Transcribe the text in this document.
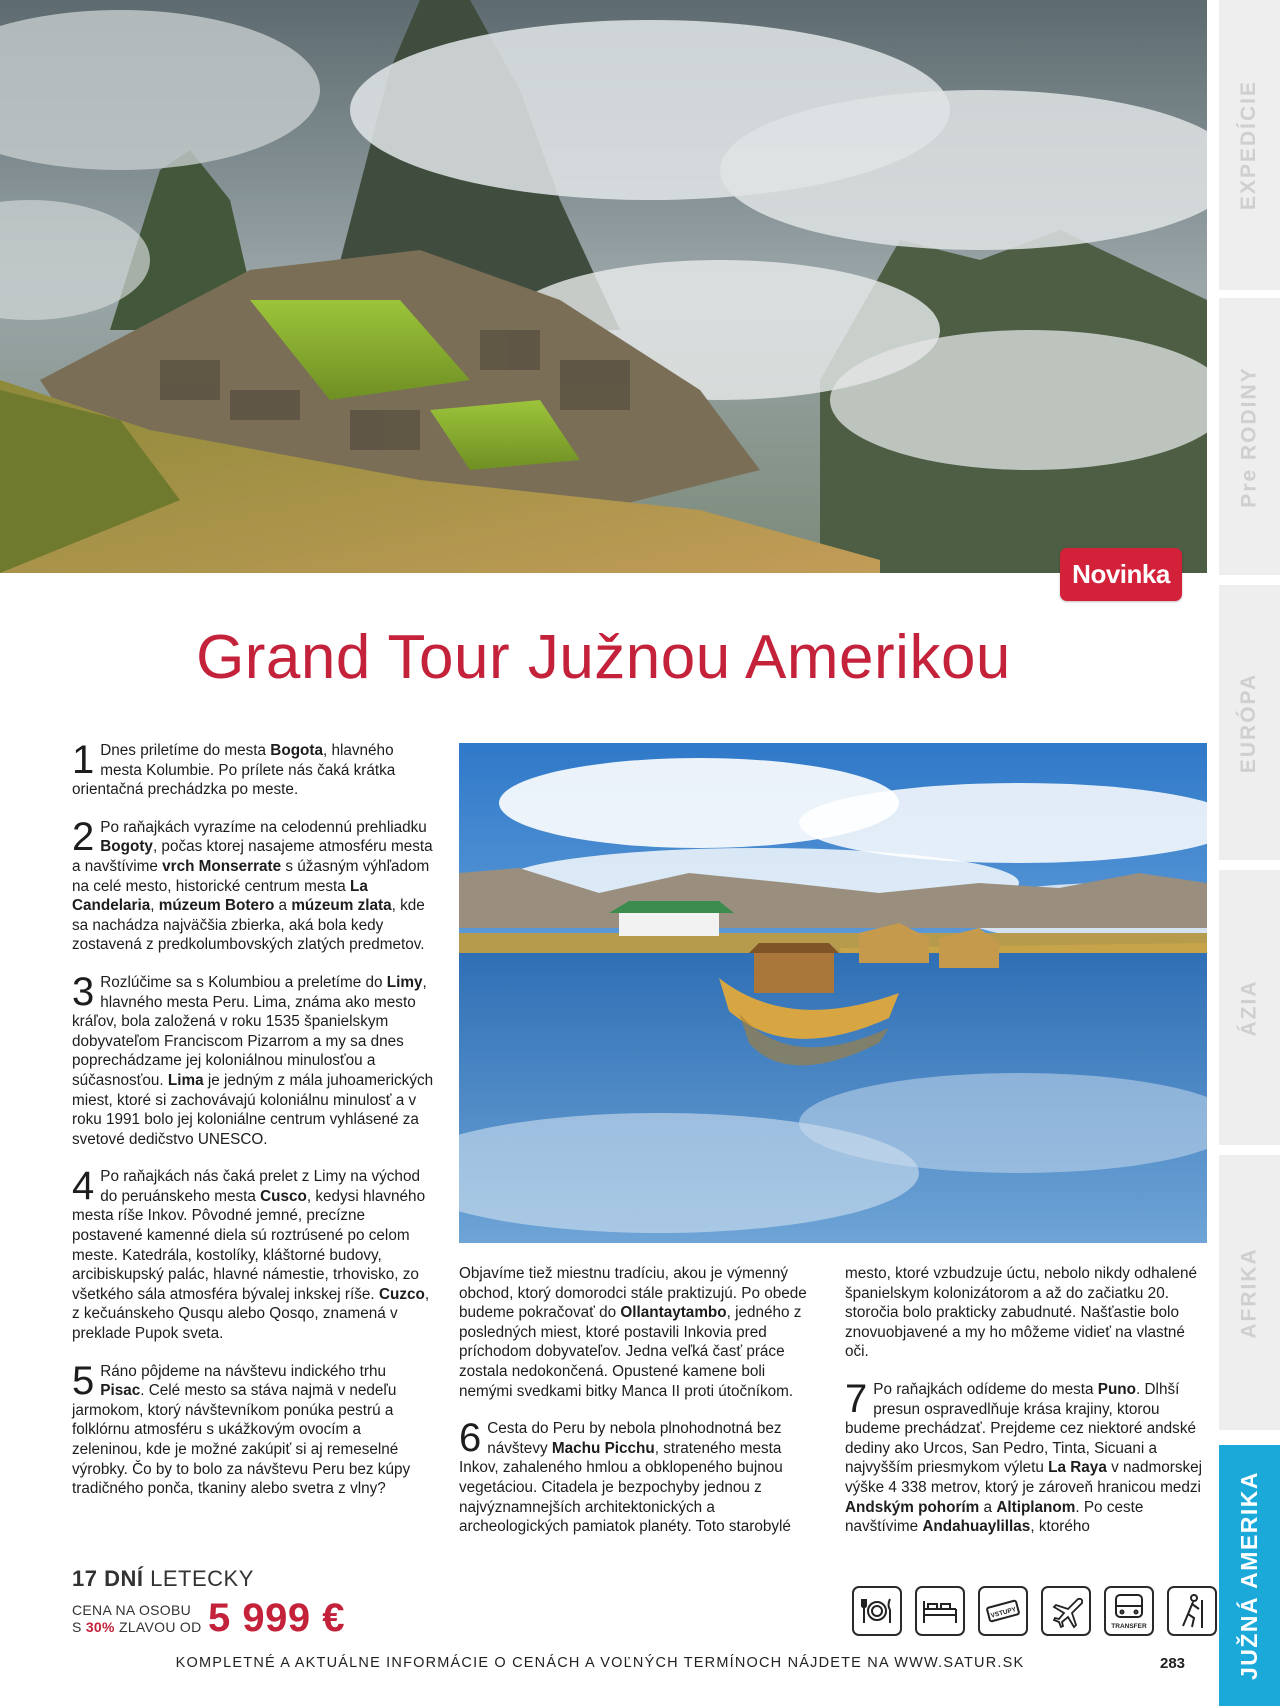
Novinka
EXPEDÍCIE
Pre RODINY
EURÓPA
ÁZIA
AFRIKA
JUŽNÁ AMERIKA
Grand Tour Južnou Amerikou
1 Dnes priletíme do mesta Bogota, hlavného mesta Kolumbie. Po prílete nás čaká krátka orientačná prechádzka po meste.

2 Po raňajkách vyrazíme na celodennú prehliadku Bogoty, počas ktorej nasajeme atmosféru mesta a navštívime vrch Monserrate s úžasným výhľadom na celé mesto, historické centrum mesta La Candelaria, múzeum Botero a múzeum zlata, kde sa nachádza najväčšia zbierka, aká bola kedy zostavená z predkolumbovských zlatých predmetov.

3 Rozlúčime sa s Kolumbiou a preletíme do Limy, hlavného mesta Peru. Lima, známa ako mesto kráľov, bola založená v roku 1535 španielskym dobyvateľom Franciscom Pizarrom a my sa dnes poprechádzame jej koloniálnou minulosťou a súčasnosťou. Lima je jedným z mála juhoamerických miest, ktoré si zachovávajú koloniálnu minulosť a v roku 1991 bolo jej koloniálne centrum vyhlásené za svetové dedičstvo UNESCO.

4 Po raňajkách nás čaká prelet z Limy na východ do peruánskeho mesta Cusco, kedysi hlavného mesta ríše Inkov. Pôvodné jemné, precízne postavené kamenné diela sú roztrúsené po celom meste. Katedrála, kostolíky, kláštorné budovy, arcibiskupský palác, hlavné námestie, trhovisko, zo všetkého sála atmosféra bývalej inkskej ríše. Cuzco, z kečuánskeho Qusqu alebo Qosqo, znamená v preklade Pupok sveta.

5 Ráno pôjdeme na návštevu indického trhu Pisac. Celé mesto sa stáva najmä v nedeľu jarmokom, ktorý návštevníkom ponúka pestrú a folklórnu atmosféru s ukážkovým ovocím a zeleninou, kde je možné zakúpiť si aj remeselné výrobky. Čo by to bolo za návštevu Peru bez kúpy tradičného ponča, tkaniny alebo svetra z vlny?

Objavíme tiež miestnu tradíciu, akou je výmenný obchod, ktorý domorodci stále praktizujú. Po obede budeme pokračovať do Ollantaytambo, jedného z posledných miest, ktoré postavili Inkovia pred príchodom dobyvateľov. Jedna veľká časť práce zostala nedokončená. Opustené kamene boli nemými svedkami bitky Manca II proti útočníkom.

6 Cesta do Peru by nebola plnohodnotná bez návštevy Machu Picchu, strateného mesta Inkov, zahaleného hmlou a obklopeného bujnou vegetáciou. Citadela je bezpochyby jednou z najvýznamnejších architektonických a archeologických pamiatok planéty. Toto starobylé

mesto, ktoré vzbudzuje úctu, nebolo nikdy odhalené španielskym kolonizátorom a až do začiatku 20. storočia bolo prakticky zabudnuté. Našťastie bolo znovuobjavené a my ho môžeme vidieť na vlastné oči.

7 Po raňajkách odídeme do mesta Puno. Dlhší presun ospravedlňuje krása krajiny, ktorou budeme prechádzať. Prejdeme cez niektoré andské dediny ako Urcos, San Pedro, Tinta, Sicuani a najvyšším priesmykom výletu La Raya v nadmorskej výške 4 338 metrov, ktorý je zároveň hranicou medzi Andským pohorím a Altiplanom. Po ceste navštívime Andahuaylillas, ktorého

17 DNÍ LETECKY
CENA NA OSOBU
S 30% ZLAVOU OD 5 999 €	VSTUPY
TRANSFER
KOMPLETNÉ A AKTUÁLNE INFORMÁCIE O CENÁCH A VOĽNÝCH TERMÍNOCH NÁJDETE NA WWW.SATUR.SK	283
